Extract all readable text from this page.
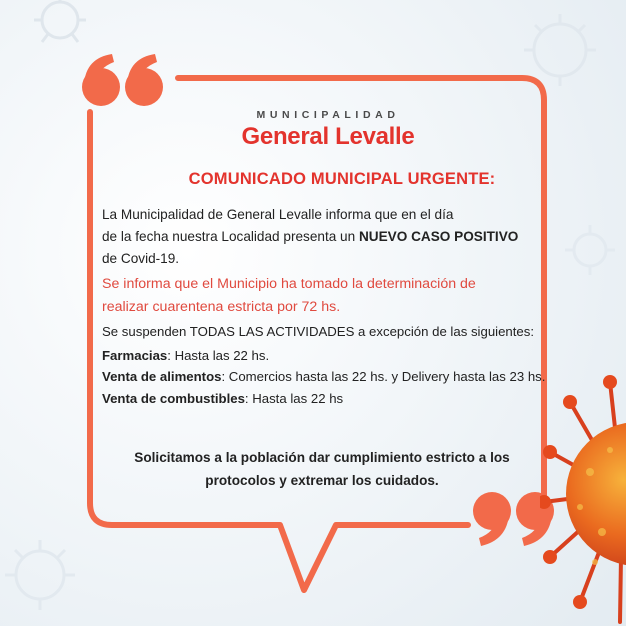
MUNICIPALIDAD
General Levalle
COMUNICADO MUNICIPAL URGENTE:
La Municipalidad de General Levalle informa que en el día
de la fecha nuestra Localidad presenta un NUEVO CASO POSITIVO
de Covid-19.
Se informa que el Municipio ha tomado la determinación de
realizar cuarentena estricta por 72 hs.
Se suspenden TODAS LAS ACTIVIDADES a excepción de las siguientes:
Farmacias: Hasta las 22 hs.
Venta de alimentos: Comercios hasta las 22 hs. y Delivery hasta las 23 hs.
Venta de combustibles: Hasta las 22 hs
Solicitamos a la población dar cumplimiento estricto a los
protocolos y extremar los cuidados.
